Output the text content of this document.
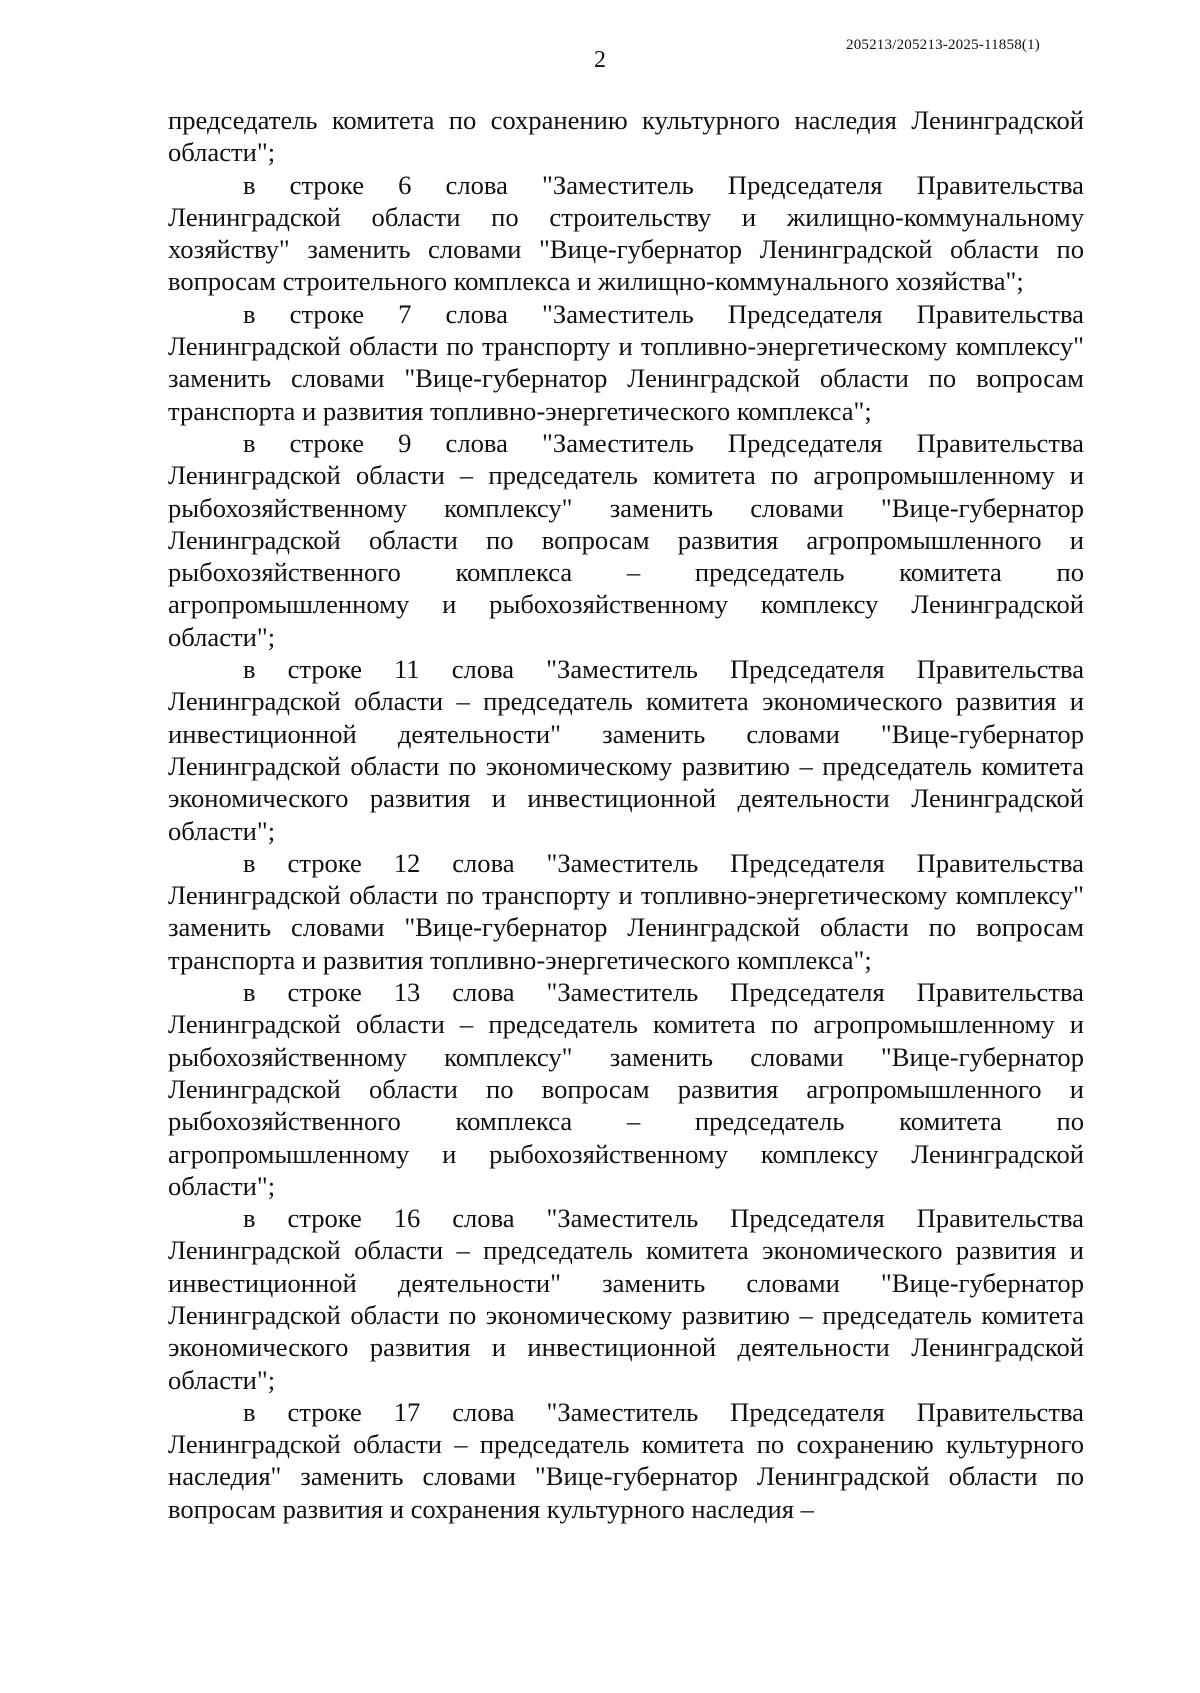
205213/205213-2025-11858(1)
2

председатель комитета по сохранению культурного наследия Ленинградской области";

в строке 6 слова "Заместитель Председателя Правительства Ленинградской области по строительству и жилищно-коммунальному хозяйству" заменить словами "Вице-губернатор Ленинградской области по вопросам строительного комплекса и жилищно-коммунального хозяйства";

в строке 7 слова "Заместитель Председателя Правительства Ленинградской области по транспорту и топливно-энергетическому комплексу" заменить словами "Вице-губернатор Ленинградской области по вопросам транспорта и развития топливно-энергетического комплекса";

в строке 9 слова "Заместитель Председателя Правительства Ленинградской области – председатель комитета по агропромышленному и рыбохозяйственному комплексу" заменить словами "Вице-губернатор Ленинградской области по вопросам развития агропромышленного и рыбохозяйственного комплекса – председатель комитета по агропромышленному и рыбохозяйственному комплексу Ленинградской области";

в строке 11 слова "Заместитель Председателя Правительства Ленинградской области – председатель комитета экономического развития и инвестиционной деятельности" заменить словами "Вице-губернатор Ленинградской области по экономическому развитию – председатель комитета экономического развития и инвестиционной деятельности Ленинградской области";

в строке 12 слова "Заместитель Председателя Правительства Ленинградской области по транспорту и топливно-энергетическому комплексу" заменить словами "Вице-губернатор Ленинградской области по вопросам транспорта и развития топливно-энергетического комплекса";

в строке 13 слова "Заместитель Председателя Правительства Ленинградской области – председатель комитета по агропромышленному и рыбохозяйственному комплексу" заменить словами "Вице-губернатор Ленинградской области по вопросам развития агропромышленного и рыбохозяйственного комплекса – председатель комитета по агропромышленному и рыбохозяйственному комплексу Ленинградской области";

в строке 16 слова "Заместитель Председателя Правительства Ленинградской области – председатель комитета экономического развития и инвестиционной деятельности" заменить словами "Вице-губернатор Ленинградской области по экономическому развитию – председатель комитета экономического развития и инвестиционной деятельности Ленинградской области";

в строке 17 слова "Заместитель Председателя Правительства Ленинградской области – председатель комитета по сохранению культурного наследия" заменить словами "Вице-губернатор Ленинградской области по вопросам развития и сохранения культурного наследия –
